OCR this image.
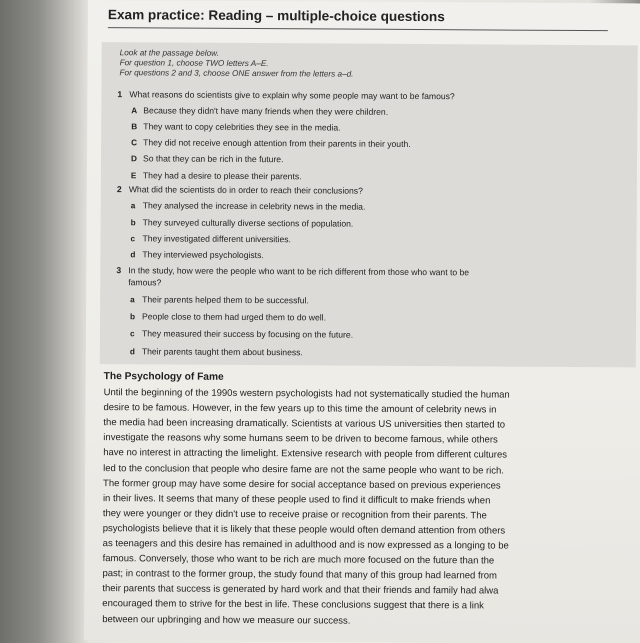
Exam practice: Reading – multiple-choice questions
Look at the passage below.
For question 1, choose TWO letters A–E.
For questions 2 and 3, choose ONE answer from the letters a–d.
1 What reasons do scientists give to explain why some people may want to be famous?
A Because they didn't have many friends when they were children.
B They want to copy celebrities they see in the media.
C They did not receive enough attention from their parents in their youth.
D So that they can be rich in the future.
E They had a desire to please their parents.
2 What did the scientists do in order to reach their conclusions?
a They analysed the increase in celebrity news in the media.
b They surveyed culturally diverse sections of population.
c They investigated different universities.
d They interviewed psychologists.
3 In the study, how were the people who want to be rich different from those who want to be
famous?
a Their parents helped them to be successful.
b People close to them had urged them to do well.
c They measured their success by focusing on the future.
d Their parents taught them about business.
The Psychology of Fame
Until the beginning of the 1990s western psychologists had not systematically studied the human
desire to be famous. However, in the few years up to this time the amount of celebrity news in
the media had been increasing dramatically. Scientists at various US universities then started to
investigate the reasons why some humans seem to be driven to become famous, while others
have no interest in attracting the limelight. Extensive research with people from different cultures
led to the conclusion that people who desire fame are not the same people who want to be rich.
The former group may have some desire for social acceptance based on previous experiences
in their lives. It seems that many of these people used to find it difficult to make friends when
they were younger or they didn't use to receive praise or recognition from their parents. The
psychologists believe that it is likely that these people would often demand attention from others
as teenagers and this desire has remained in adulthood and is now expressed as a longing to be
famous. Conversely, those who want to be rich are much more focused on the future than the
past; in contrast to the former group, the study found that many of this group had learned from
their parents that success is generated by hard work and that their friends and family had alwa
encouraged them to strive for the best in life. These conclusions suggest that there is a link
between our upbringing and how we measure our success.
